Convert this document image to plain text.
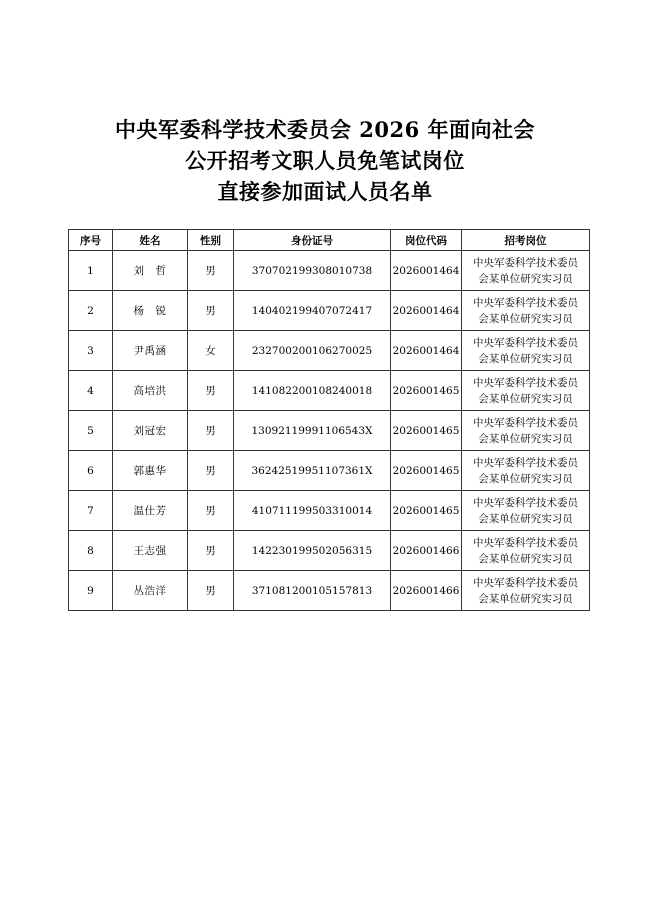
中央军委科学技术委员会 2026 年面向社会
公开招考文职人员免笔试岗位
直接参加面试人员名单
序号	姓名	性别	身份证号	岗位代码	招考岗位
1	刘　哲	男	370702199308010738	2026001464	中央军委科学技术委员
会某单位研究实习员

2	杨　锐	男	140402199407072417	2026001464	中央军委科学技术委员
会某单位研究实习员

3	尹禹涵	女	232700200106270025	2026001464	中央军委科学技术委员
会某单位研究实习员

4	高培洪	男	141082200108240018	2026001465	中央军委科学技术委员
会某单位研究实习员

5	刘冠宏	男	13092119991106543X	2026001465	中央军委科学技术委员
会某单位研究实习员

6	郭惠华	男	36242519951107361X	2026001465	中央军委科学技术委员
会某单位研究实习员

7	温仕芳	男	410711199503310014	2026001465	中央军委科学技术委员
会某单位研究实习员

8	王志强	男	142230199502056315	2026001466	中央军委科学技术委员
会某单位研究实习员

9	丛浩洋	男	371081200105157813	2026001466	中央军委科学技术委员
会某单位研究实习员
